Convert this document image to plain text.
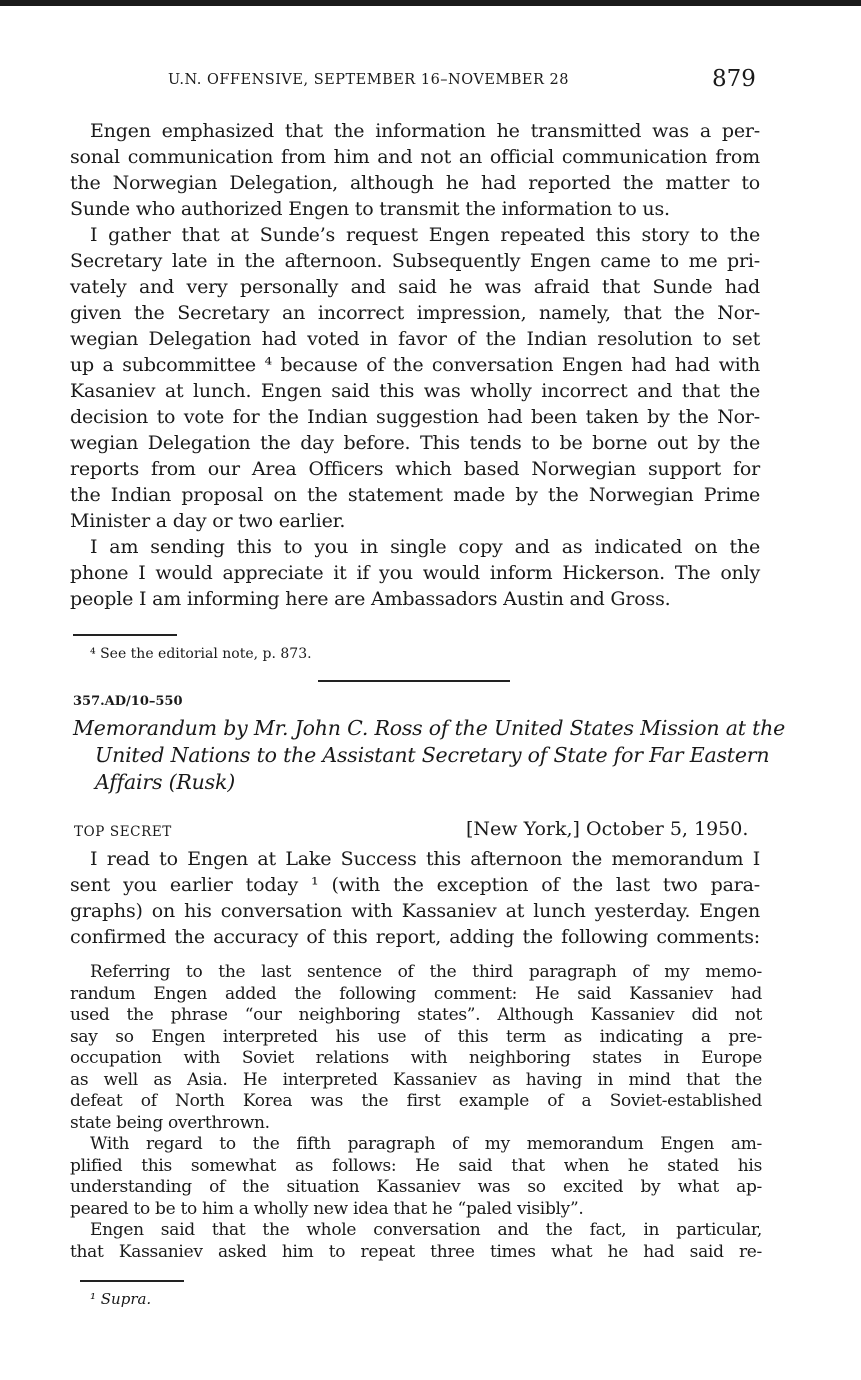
U.N. OFFENSIVE, SEPTEMBER 16–NOVEMBER 28	879
Engen emphasized that the information he transmitted was a per-
sonal communication from him and not an official communication from
the Norwegian Delegation, although he had reported the matter to
Sunde who authorized Engen to transmit the information to us.
I gather that at Sunde’s request Engen repeated this story to the
Secretary late in the afternoon. Subsequently Engen came to me pri-
vately and very personally and said he was afraid that Sunde had
given the Secretary an incorrect impression, namely, that the Nor-
wegian Delegation had voted in favor of the Indian resolution to set
up a subcommittee ⁴ because of the conversation Engen had had with
Kasaniev at lunch. Engen said this was wholly incorrect and that the
decision to vote for the Indian suggestion had been taken by the Nor-
wegian Delegation the day before. This tends to be borne out by the
reports from our Area Officers which based Norwegian support for
the Indian proposal on the statement made by the Norwegian Prime
Minister a day or two earlier.
I am sending this to you in single copy and as indicated on the
phone I would appreciate it if you would inform Hickerson. The only
people I am informing here are Ambassadors Austin and Gross.
⁴ See the editorial note, p. 873.
357.AD/10–550
Memorandum by Mr. John C. Ross of the United States Mission at the
United Nations to the Assistant Secretary of State for Far Eastern
Affairs (Rusk)
TOP SECRET	[New York,] October 5, 1950.
I read to Engen at Lake Success this afternoon the memorandum I
sent you earlier today ¹ (with the exception of the last two para-
graphs) on his conversation with Kassaniev at lunch yesterday. Engen
confirmed the accuracy of this report, adding the following comments:
Referring to the last sentence of the third paragraph of my memo-
randum Engen added the following comment: He said Kassaniev had
used the phrase “our neighboring states”. Although Kassaniev did not
say so Engen interpreted his use of this term as indicating a pre-
occupation with Soviet relations with neighboring states in Europe
as well as Asia. He interpreted Kassaniev as having in mind that the
defeat of North Korea was the first example of a Soviet-established
state being overthrown.
With regard to the fifth paragraph of my memorandum Engen am-
plified this somewhat as follows: He said that when he stated his
understanding of the situation Kassaniev was so excited by what ap-
peared to be to him a wholly new idea that he “paled visibly”.
Engen said that the whole conversation and the fact, in particular,
that Kassaniev asked him to repeat three times what he had said re-
¹ Supra.
